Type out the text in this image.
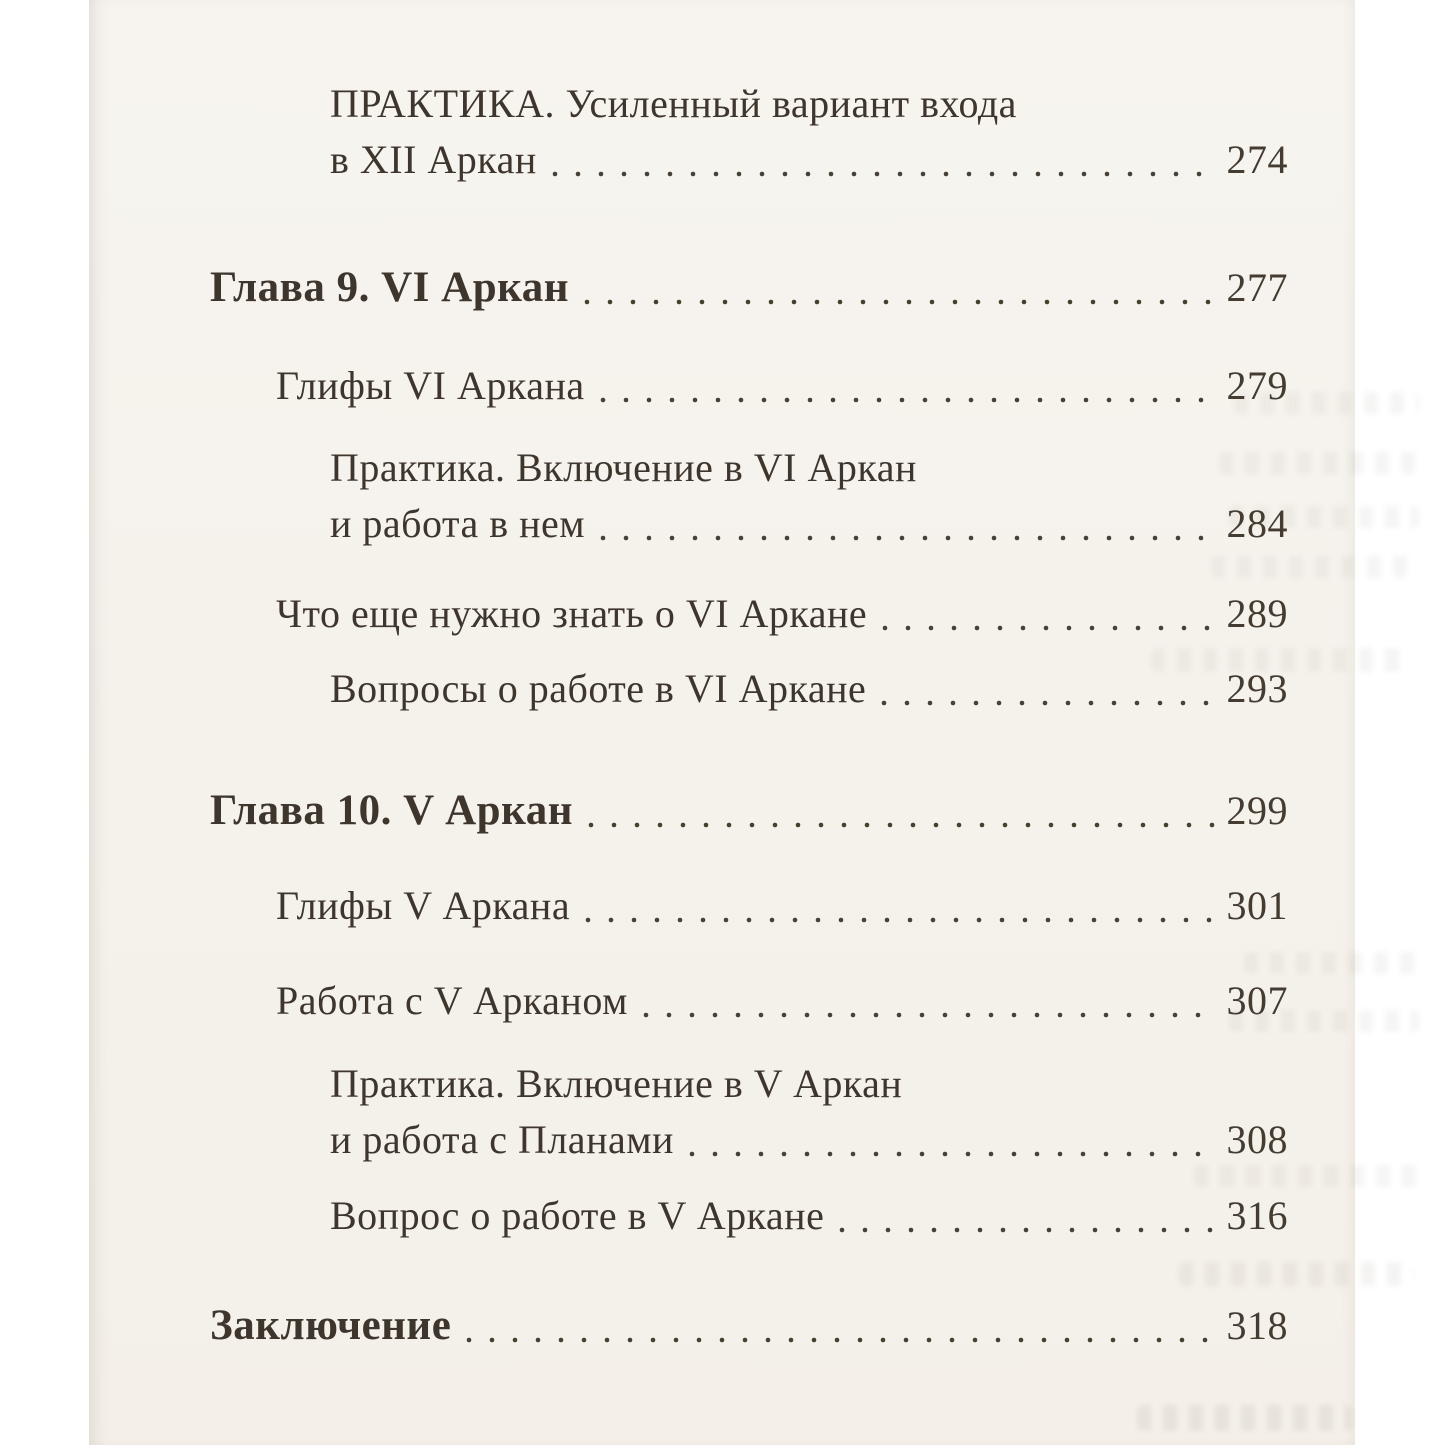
ПРАКТИКА. Усиленный вариант входа
в XII Аркан	274
Глава 9. VI Аркан	277
Глифы VI Аркана	279
Практика. Включение в VI Аркан
и работа в нем	284
Что еще нужно знать о VI Аркане	289
Вопросы о работе в VI Аркане	293
Глава 10. V Аркан	299
Глифы V Аркана	301
Работа с V Арканом	307
Практика. Включение в V Аркан
и работа с Планами	308
Вопрос о работе в V Аркане	316
Заключение	318
